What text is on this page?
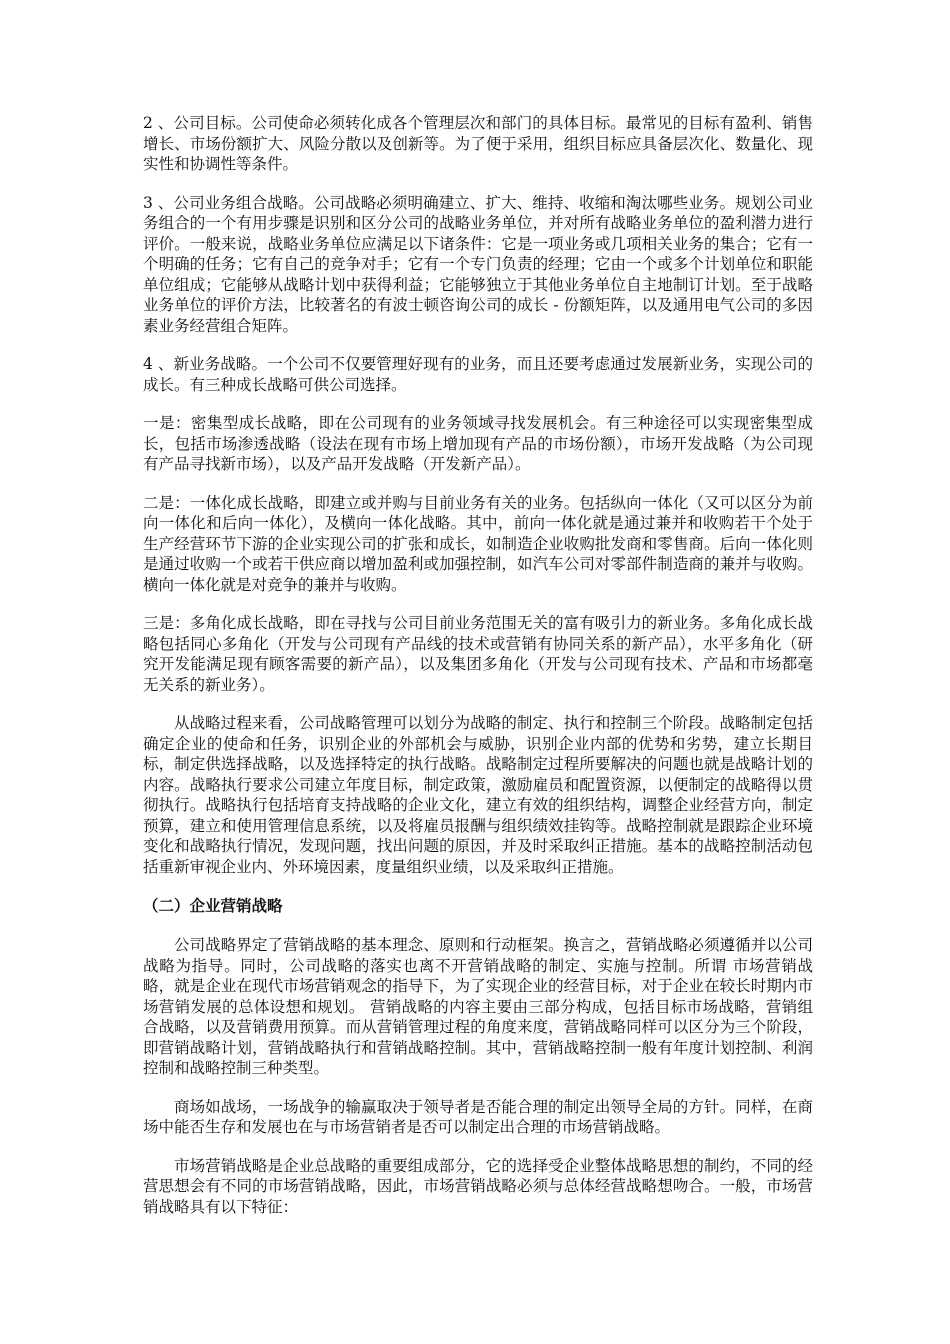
2 、公司目标。公司使命必须转化成各个管理层次和部门的具体目标。最常见的目标有盈利、销售增长、市场份额扩大、风险分散以及创新等。为了便于采用，组织目标应具备层次化、数量化、现实性和协调性等条件。

3 、公司业务组合战略。公司战略必须明确建立、扩大、维持、收缩和淘汰哪些业务。规划公司业务组合的一个有用步骤是识别和区分公司的战略业务单位，并对所有战略业务单位的盈利潜力进行评价。一般来说，战略业务单位应满足以下诸条件：它是一项业务或几项相关业务的集合；它有一个明确的任务；它有自己的竞争对手；它有一个专门负责的经理；它由一个或多个计划单位和职能单位组成；它能够从战略计划中获得利益；它能够独立于其他业务单位自主地制订计划。至于战略业务单位的评价方法，比较著名的有波士顿咨询公司的成长 - 份额矩阵，以及通用电气公司的多因素业务经营组合矩阵。

4 、新业务战略。一个公司不仅要管理好现有的业务，而且还要考虑通过发展新业务，实现公司的成长。有三种成长战略可供公司选择。

一是：密集型成长战略，即在公司现有的业务领域寻找发展机会。有三种途径可以实现密集型成长，包括市场渗透战略（设法在现有市场上增加现有产品的市场份额），市场开发战略（为公司现有产品寻找新市场），以及产品开发战略（开发新产品）。

二是：一体化成长战略，即建立或并购与目前业务有关的业务。包括纵向一体化（又可以区分为前向一体化和后向一体化），及横向一体化战略。其中，前向一体化就是通过兼并和收购若干个处于生产经营环节下游的企业实现公司的扩张和成长，如制造企业收购批发商和零售商。后向一体化则是通过收购一个或若干供应商以增加盈利或加强控制，如汽车公司对零部件制造商的兼并与收购。横向一体化就是对竞争的兼并与收购。

三是：多角化成长战略，即在寻找与公司目前业务范围无关的富有吸引力的新业务。多角化成长战略包括同心多角化（开发与公司现有产品线的技术或营销有协同关系的新产品），水平多角化（研究开发能满足现有顾客需要的新产品），以及集团多角化（开发与公司现有技术、产品和市场都毫无关系的新业务）。

从战略过程来看，公司战略管理可以划分为战略的制定、执行和控制三个阶段。战略制定包括确定企业的使命和任务，识别企业的外部机会与威胁，识别企业内部的优势和劣势，建立长期目标，制定供选择战略，以及选择特定的执行战略。战略制定过程所要解决的问题也就是战略计划的内容。战略执行要求公司建立年度目标，制定政策，激励雇员和配置资源，以便制定的战略得以贯彻执行。战略执行包括培育支持战略的企业文化，建立有效的组织结构，调整企业经营方向，制定预算，建立和使用管理信息系统，以及将雇员报酬与组织绩效挂钩等。战略控制就是跟踪企业环境变化和战略执行情况，发现问题，找出问题的原因，并及时采取纠正措施。基本的战略控制活动包括重新审视企业内、外环境因素，度量组织业绩，以及采取纠正措施。

（二）企业营销战略

公司战略界定了营销战略的基本理念、原则和行动框架。换言之，营销战略必须遵循并以公司战略为指导。同时，公司战略的落实也离不开营销战略的制定、实施与控制。所谓 市场营销战略，就是企业在现代市场营销观念的指导下，为了实现企业的经营目标，对于企业在较长时期内市场营销发展的总体设想和规划。 营销战略的内容主要由三部分构成，包括目标市场战略，营销组合战略，以及营销费用预算。而从营销管理过程的角度来度，营销战略同样可以区分为三个阶段，即营销战略计划，营销战略执行和营销战略控制。其中，营销战略控制一般有年度计划控制、利润控制和战略控制三种类型。

商场如战场，一场战争的输赢取决于领导者是否能合理的制定出领导全局的方针。同样，在商场中能否生存和发展也在与市场营销者是否可以制定出合理的市场营销战略。

市场营销战略是企业总战略的重要组成部分，它的选择受企业整体战略思想的制约，不同的经营思想会有不同的市场营销战略，因此，市场营销战略必须与总体经营战略想吻合。一般，市场营销战略具有以下特征：
